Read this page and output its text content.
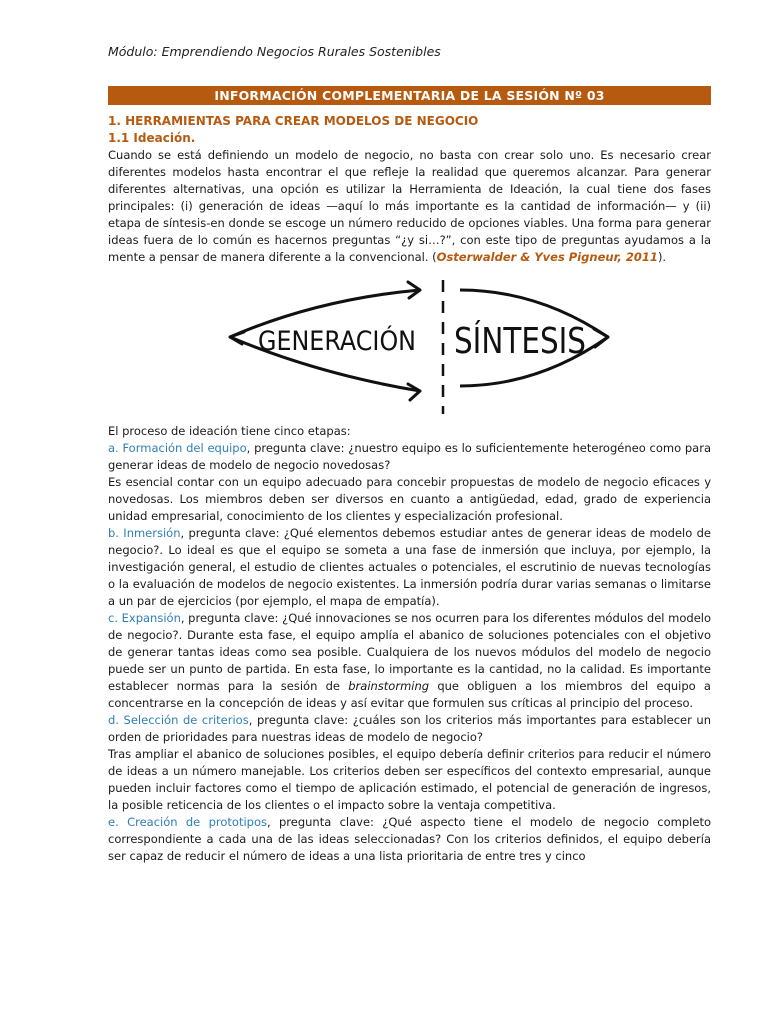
Módulo: Emprendiendo Negocios Rurales Sostenibles
INFORMACIÓN COMPLEMENTARIA DE LA SESIÓN Nº 03
1. HERRAMIENTAS PARA CREAR MODELOS DE NEGOCIO
1.1 Ideación.

Cuando se está definiendo un modelo de negocio, no basta con crear solo uno. Es necesario crear diferentes modelos hasta encontrar el que refleje la realidad que queremos alcanzar. Para generar diferentes alternativas, una opción es utilizar la Herramienta de Ideación, la cual tiene dos fases principales: (i) generación de ideas —aquí lo más importante es la cantidad de información— y (ii) etapa de síntesis-en donde se escoge un número reducido de opciones viables. Una forma para generar ideas fuera de lo común es hacernos preguntas “¿y si…?”, con este tipo de preguntas ayudamos a la mente a pensar de manera diferente a la convencional. (Osterwalder & Yves Pigneur, 2011).

GENERACIÓN SÍNTESIS

El proceso de ideación tiene cinco etapas:

a. Formación del equipo, pregunta clave: ¿nuestro equipo es lo suficientemente heterogéneo como para generar ideas de modelo de negocio novedosas?

Es esencial contar con un equipo adecuado para concebir propuestas de modelo de negocio eficaces y novedosas. Los miembros deben ser diversos en cuanto a antigüedad, edad, grado de experiencia unidad empresarial, conocimiento de los clientes y especialización profesional.

b. Inmersión, pregunta clave: ¿Qué elementos debemos estudiar antes de generar ideas de modelo de negocio?. Lo ideal es que el equipo se someta a una fase de inmersión que incluya, por ejemplo, la investigación general, el estudio de clientes actuales o potenciales, el escrutinio de nuevas tecnologías o la evaluación de modelos de negocio existentes. La inmersión podría durar varias semanas o limitarse a un par de ejercicios (por ejemplo, el mapa de empatía).

c. Expansión, pregunta clave: ¿Qué innovaciones se nos ocurren para los diferentes módulos del modelo de negocio?. Durante esta fase, el equipo amplía el abanico de soluciones potenciales con el objetivo de generar tantas ideas como sea posible. Cualquiera de los nuevos módulos del modelo de negocio puede ser un punto de partida. En esta fase, lo importante es la cantidad, no la calidad. Es importante establecer normas para la sesión de brainstorming que obliguen a los miembros del equipo a concentrarse en la concepción de ideas y así evitar que formulen sus críticas al principio del proceso.

d. Selección de criterios, pregunta clave: ¿cuáles son los criterios más importantes para establecer un orden de prioridades para nuestras ideas de modelo de negocio?

Tras ampliar el abanico de soluciones posibles, el equipo debería definir criterios para reducir el número de ideas a un número manejable. Los criterios deben ser específicos del contexto empresarial, aunque pueden incluir factores como el tiempo de aplicación estimado, el potencial de generación de ingresos, la posible reticencia de los clientes o el impacto sobre la ventaja competitiva.

e. Creación de prototipos, pregunta clave: ¿Qué aspecto tiene el modelo de negocio completo correspondiente a cada una de las ideas seleccionadas? Con los criterios definidos, el equipo debería ser capaz de reducir el número de ideas a una lista prioritaria de entre tres y cinco
